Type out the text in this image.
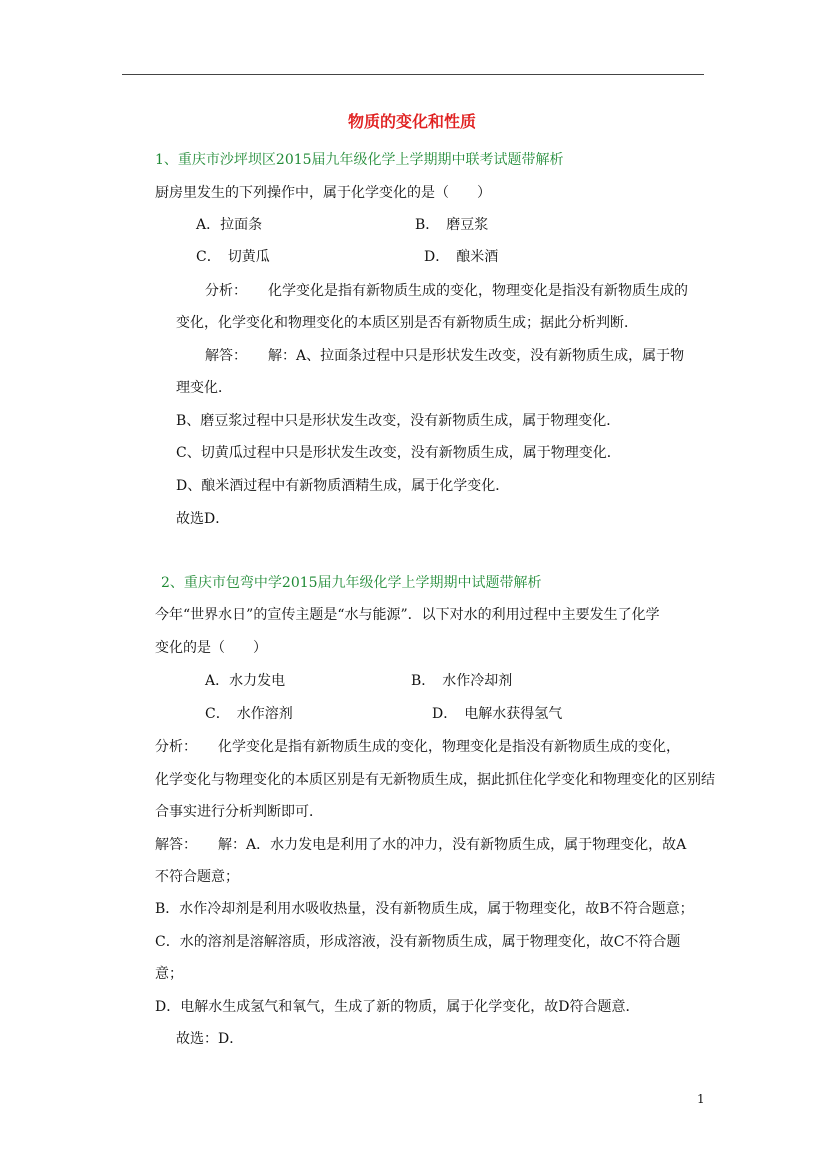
物质的变化和性质
1、重庆市沙坪坝区2015届九年级化学上学期期中联考试题带解析
厨房里发生的下列操作中，属于化学变化的是（　　）
A．拉面条	B．　磨豆浆
C．　切黄瓜	D．　酿米酒
分析：　　化学变化是指有新物质生成的变化，物理变化是指没有新物质生成的
变化，化学变化和物理变化的本质区别是否有新物质生成；据此分析判断．
解答：　　解：A、拉面条过程中只是形状发生改变，没有新物质生成，属于物
理变化．
B、磨豆浆过程中只是形状发生改变，没有新物质生成，属于物理变化．
C、切黄瓜过程中只是形状发生改变，没有新物质生成，属于物理变化．
D、酿米酒过程中有新物质酒精生成，属于化学变化．
故选D．
2、重庆市包弯中学2015届九年级化学上学期期中试题带解析
今年“世界水日”的宣传主题是“水与能源”．以下对水的利用过程中主要发生了化学
变化的是（　　）
A．水力发电	B．　水作冷却剂
C．　水作溶剂	D．　电解水获得氢气
分析：　　化学变化是指有新物质生成的变化，物理变化是指没有新物质生成的变化，
化学变化与物理变化的本质区别是有无新物质生成，据此抓住化学变化和物理变化的区别结
合事实进行分析判断即可．
解答：　　解：A．水力发电是利用了水的冲力，没有新物质生成，属于物理变化，故A
不符合题意；
B．水作冷却剂是利用水吸收热量，没有新物质生成，属于物理变化，故B不符合题意；
C．水的溶剂是溶解溶质，形成溶液，没有新物质生成，属于物理变化，故C不符合题
意；
D．电解水生成氢气和氧气，生成了新的物质，属于化学变化，故D符合题意．
故选：D．
1
